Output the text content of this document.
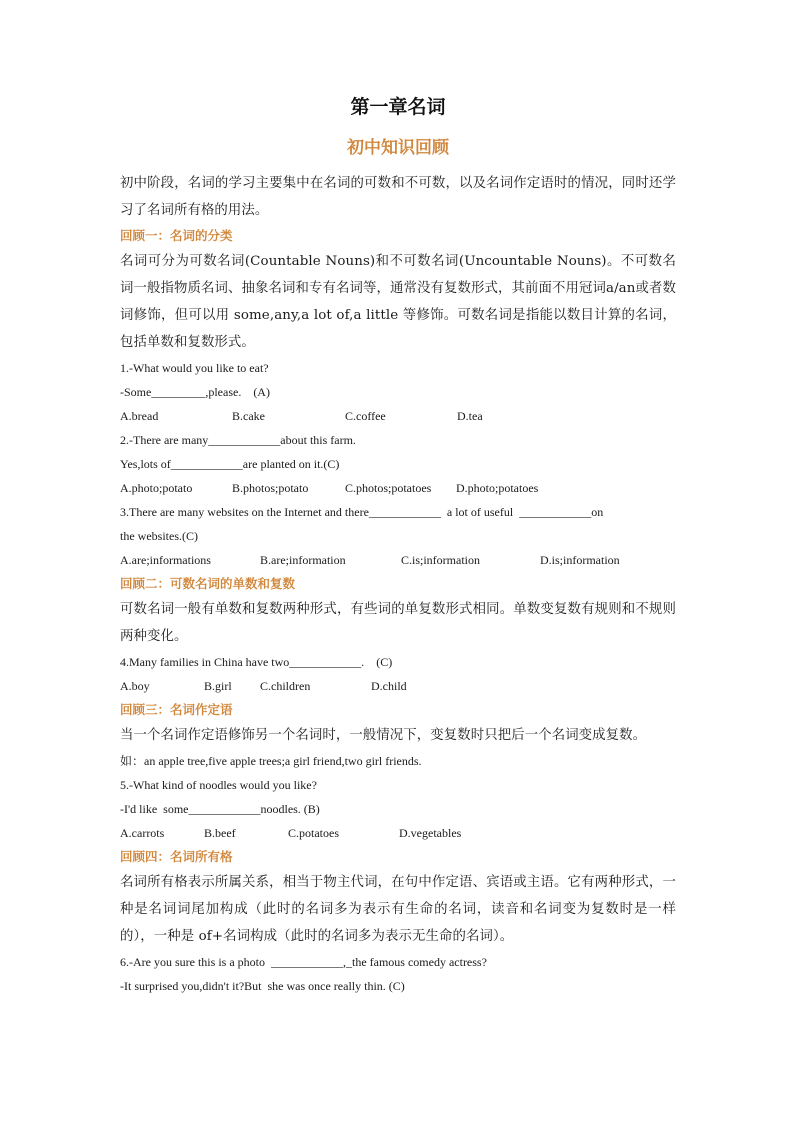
第一章名词

初中知识回顾

初中阶段，名词的学习主要集中在名词的可数和不可数，以及名词作定语时的情况，同时还学习了名词所有格的用法。

回顾一：名词的分类

名词可分为可数名词(Countable Nouns)和不可数名词(Uncountable Nouns)。不可数名词一般指物质名词、抽象名词和专有名词等，通常没有复数形式，其前面不用冠词a/an或者数词修饰，但可以用 some,any,a lot of,a little 等修饰。可数名词是指能以数目计算的名词，包括单数和复数形式。

1.-What would you like to eat?

-Some_________,please.    (A)

A.bread	B.cake	C.coffee	D.tea

2.-There are many____________about this farm.

Yes,lots of____________are planted on it.(C)

A.photo;potato	B.photos;potato	C.photos;potatoes	D.photo;potatoes

3.There are many websites on the Internet and there____________  a lot of useful  ____________on

the websites.(C)

A.are;informations	B.are;information	C.is;information	D.is;information

回顾二：可数名词的单数和复数

可数名词一般有单数和复数两种形式，有些词的单复数形式相同。单数变复数有规则和不规则两种变化。

4.Many families in China have two____________.    (C)

A.boy	B.girl	C.children	D.child

回顾三：名词作定语

当一个名词作定语修饰另一个名词时，一般情况下，变复数时只把后一个名词变成复数。

如：an apple tree,five apple trees;a girl friend,two girl friends.

5.-What kind of noodles would you like?

-I'd like  some____________noodles. (B)

A.carrots	B.beef	C.potatoes	D.vegetables

回顾四：名词所有格

名词所有格表示所属关系，相当于物主代词，在句中作定语、宾语或主语。它有两种形式，一种是名词词尾加构成（此时的名词多为表示有生命的名词，读音和名词变为复数时是一样的），一种是 of+名词构成（此时的名词多为表示无生命的名词）。

6.-Are you sure this is a photo  ____________,_the famous comedy actress?

-It surprised you,didn't it?But  she was once really thin. (C)
